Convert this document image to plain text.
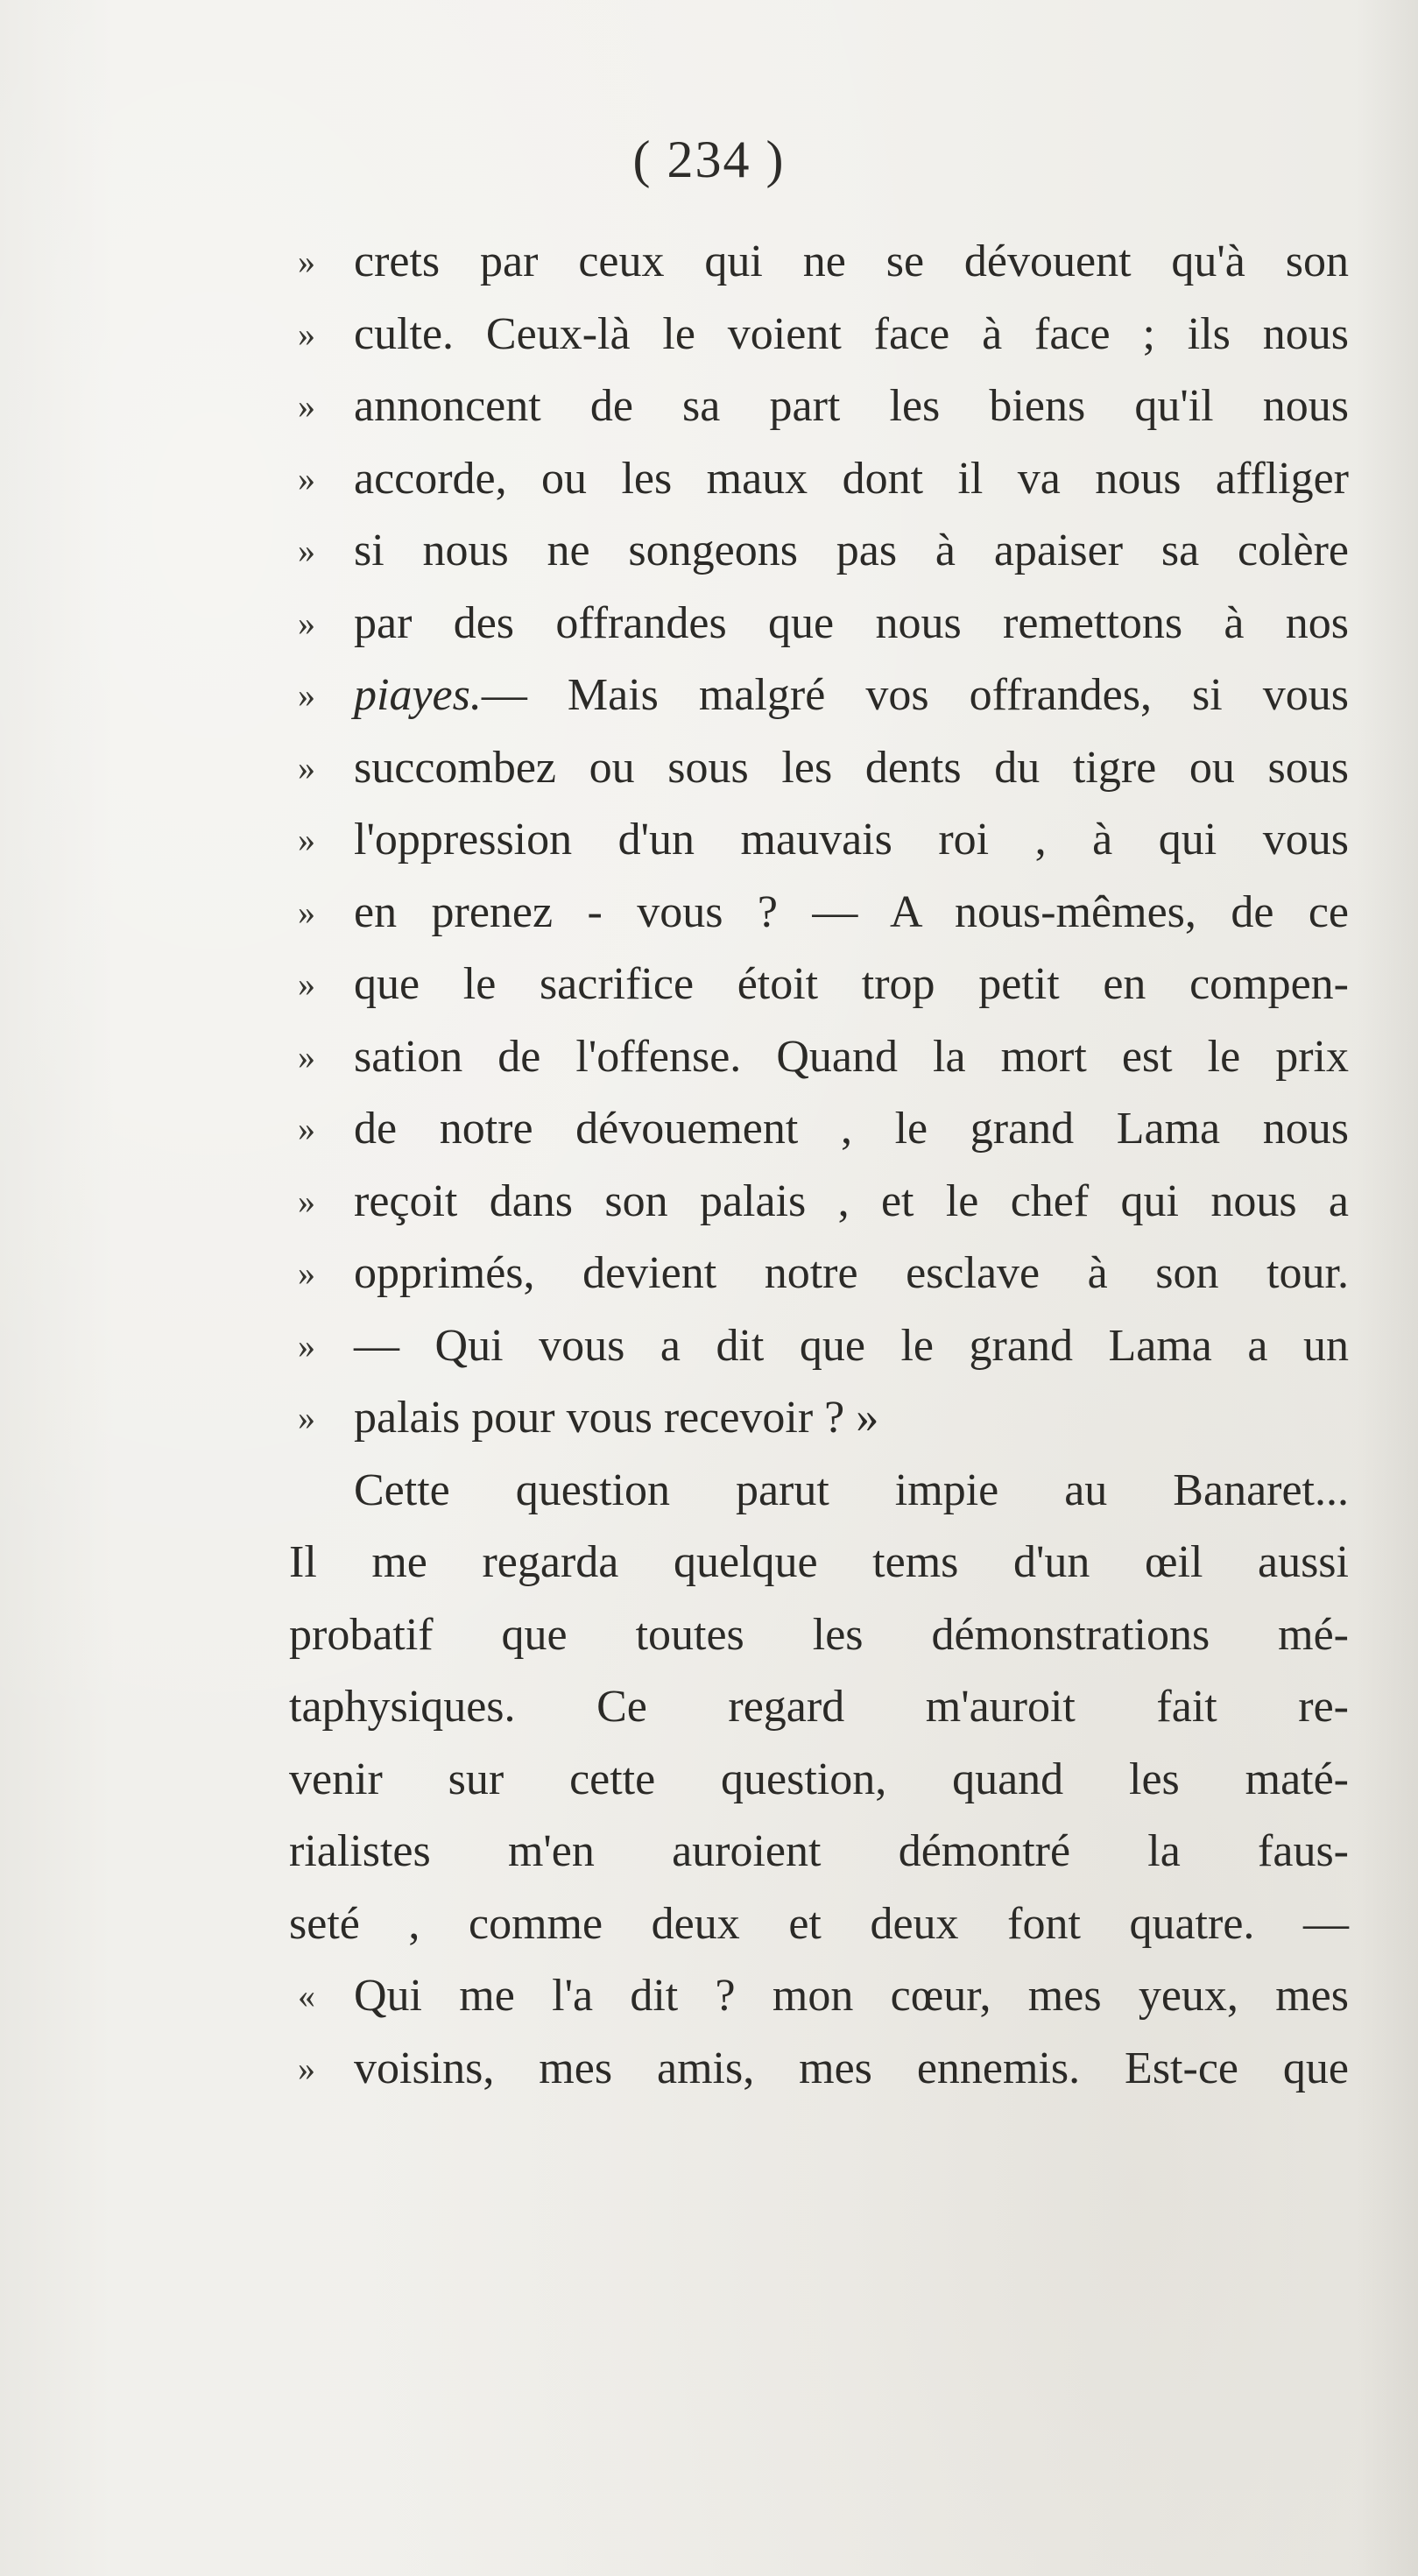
( 234 )
» crets par ceux qui ne se dévouent qu'à son
» culte. Ceux-là le voient face à face ; ils nous
» annoncent de sa part les biens qu'il nous
» accorde, ou les maux dont il va nous affliger
» si nous ne songeons pas à apaiser sa colère
» par des offrandes que nous remettons à nos
» piayes.— Mais malgré vos offrandes, si vous
» succombez ou sous les dents du tigre ou sous
» l'oppression d'un mauvais roi , à qui vous
» en prenez - vous ? — A nous-mêmes, de ce
» que le sacrifice étoit trop petit en compen-
» sation de l'offense. Quand la mort est le prix
» de notre dévouement , le grand Lama nous
» reçoit dans son palais , et le chef qui nous a
» opprimés, devient notre esclave à son tour.
» — Qui vous a dit que le grand Lama a un
» palais pour vous recevoir ? »
Cette question parut impie au Banaret...
Il me regarda quelque tems d'un œil aussi
probatif que toutes les démonstrations mé-
taphysiques. Ce regard m'auroit fait re-
venir sur cette question, quand les maté-
rialistes m'en auroient démontré la faus-
seté , comme deux et deux font quatre. —
« Qui me l'a dit ? mon cœur, mes yeux, mes
» voisins, mes amis, mes ennemis. Est-ce que
